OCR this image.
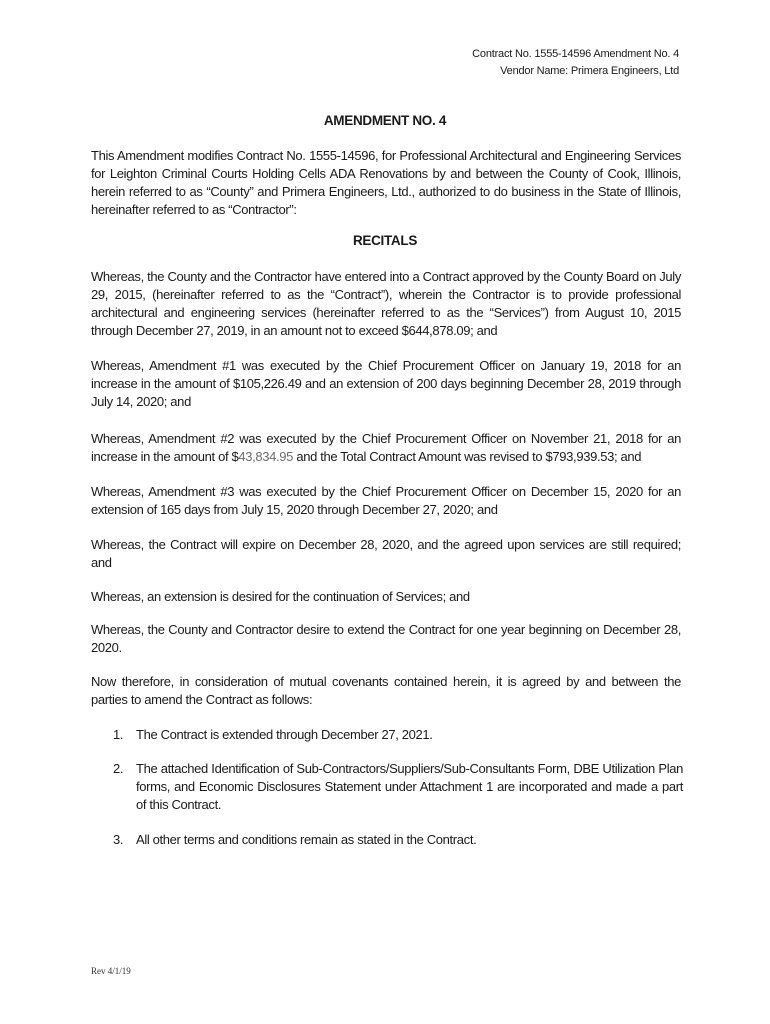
Contract No. 1555-14596 Amendment No. 4
Vendor Name: Primera Engineers, Ltd
AMENDMENT NO. 4

This Amendment modifies Contract No. 1555-14596, for Professional Architectural and Engineering Services for Leighton Criminal Courts Holding Cells ADA Renovations by and between the County of Cook, Illinois, herein referred to as “County” and Primera Engineers, Ltd., authorized to do business in the State of Illinois, hereinafter referred to as “Contractor”:

RECITALS

Whereas, the County and the Contractor have entered into a Contract approved by the County Board on July 29, 2015, (hereinafter referred to as the “Contract”), wherein the Contractor is to provide professional architectural and engineering services (hereinafter referred to as the “Services”) from August 10, 2015 through December 27, 2019, in an amount not to exceed $644,878.09; and

Whereas, Amendment #1 was executed by the Chief Procurement Officer on January 19, 2018 for an increase in the amount of $105,226.49 and an extension of 200 days beginning December 28, 2019 through July 14, 2020; and

Whereas, Amendment #2 was executed by the Chief Procurement Officer on November 21, 2018 for an increase in the amount of $43,834.95 and the Total Contract Amount was revised to $793,939.53; and

Whereas, Amendment #3 was executed by the Chief Procurement Officer on December 15, 2020 for an extension of 165 days from July 15, 2020 through December 27, 2020; and

Whereas, the Contract will expire on December 28, 2020, and the agreed upon services are still required; and

Whereas, an extension is desired for the continuation of Services; and

Whereas, the County and Contractor desire to extend the Contract for one year beginning on December 28, 2020.

Now therefore, in consideration of mutual covenants contained herein, it is agreed by and between the parties to amend the Contract as follows:

1. The Contract is extended through December 27, 2021.
2. The attached Identification of Sub-Contractors/Suppliers/Sub-Consultants Form, DBE Utilization Plan forms, and Economic Disclosures Statement under Attachment 1 are incorporated and made a part of this Contract.
3. All other terms and conditions remain as stated in the Contract.
Rev 4/1/19
